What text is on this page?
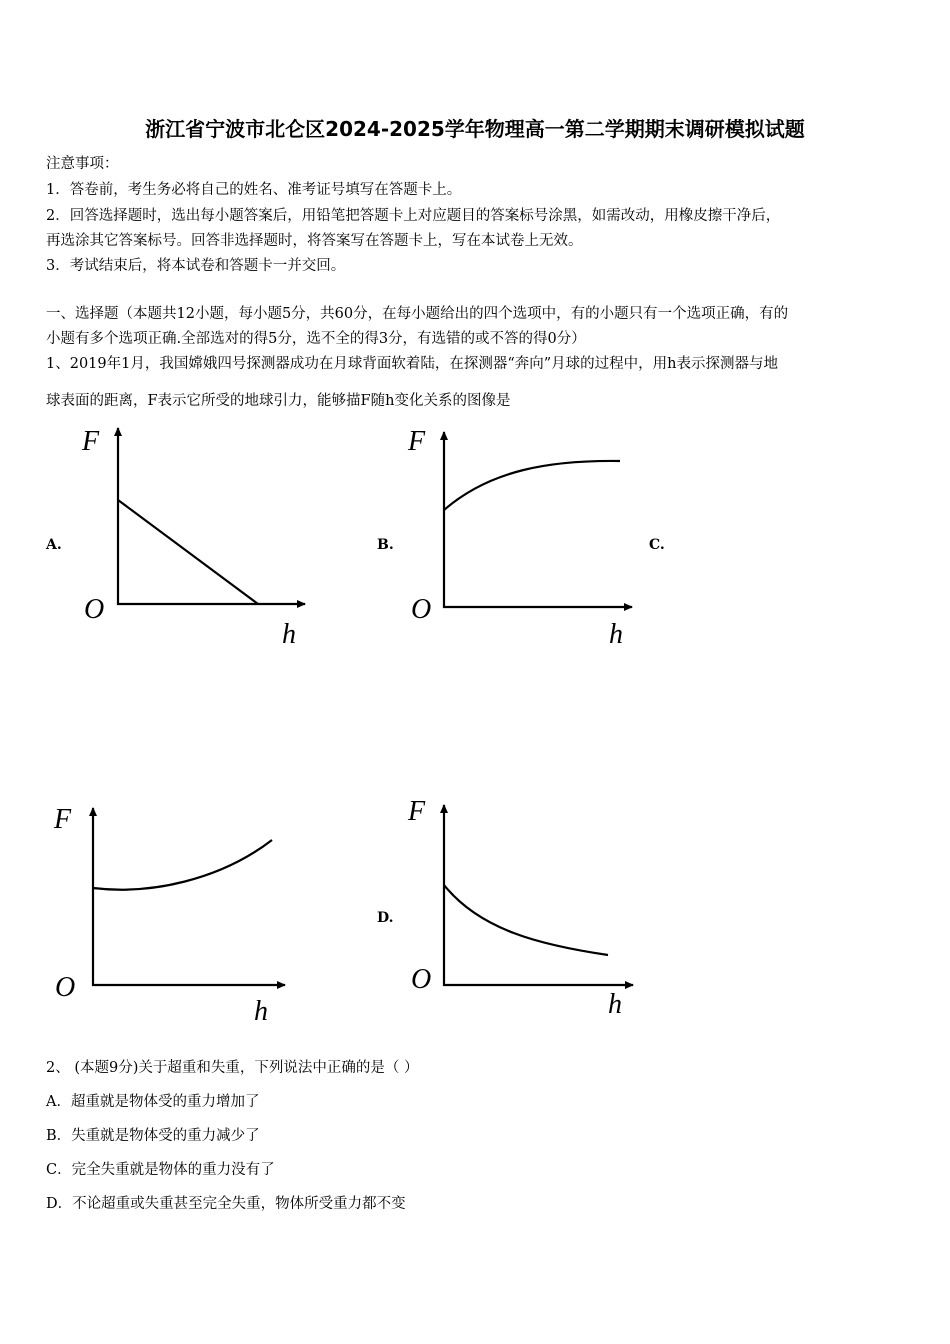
浙江省宁波市北仑区2024-2025学年物理高一第二学期期末调研模拟试题
注意事项：
1．答卷前，考生务必将自己的姓名、准考证号填写在答题卡上。
2．回答选择题时，选出每小题答案后，用铅笔把答题卡上对应题目的答案标号涂黑，如需改动，用橡皮擦干净后，
再选涂其它答案标号。回答非选择题时，将答案写在答题卡上，写在本试卷上无效。
3．考试结束后，将本试卷和答题卡一并交回。
一、选择题（本题共12小题，每小题5分，共60分，在每小题给出的四个选项中，有的小题只有一个选项正确，有的
小题有多个选项正确.全部选对的得5分，选不全的得3分，有选错的或不答的得0分）
1、2019年1月，我国嫦娥四号探测器成功在月球背面软着陆，在探测器“奔向”月球的过程中，用h表示探测器与地
球表面的距离，F表示它所受的地球引力，能够描F随h变化关系的图像是
A.	B.	C.
D.
F
O
h
F
O
h
F
O
h
F
O
h
2、 (本题9分)关于超重和失重，下列说法中正确的是（ ）
A．超重就是物体受的重力增加了
B．失重就是物体受的重力减少了
C．完全失重就是物体的重力没有了
D．不论超重或失重甚至完全失重，物体所受重力都不变
